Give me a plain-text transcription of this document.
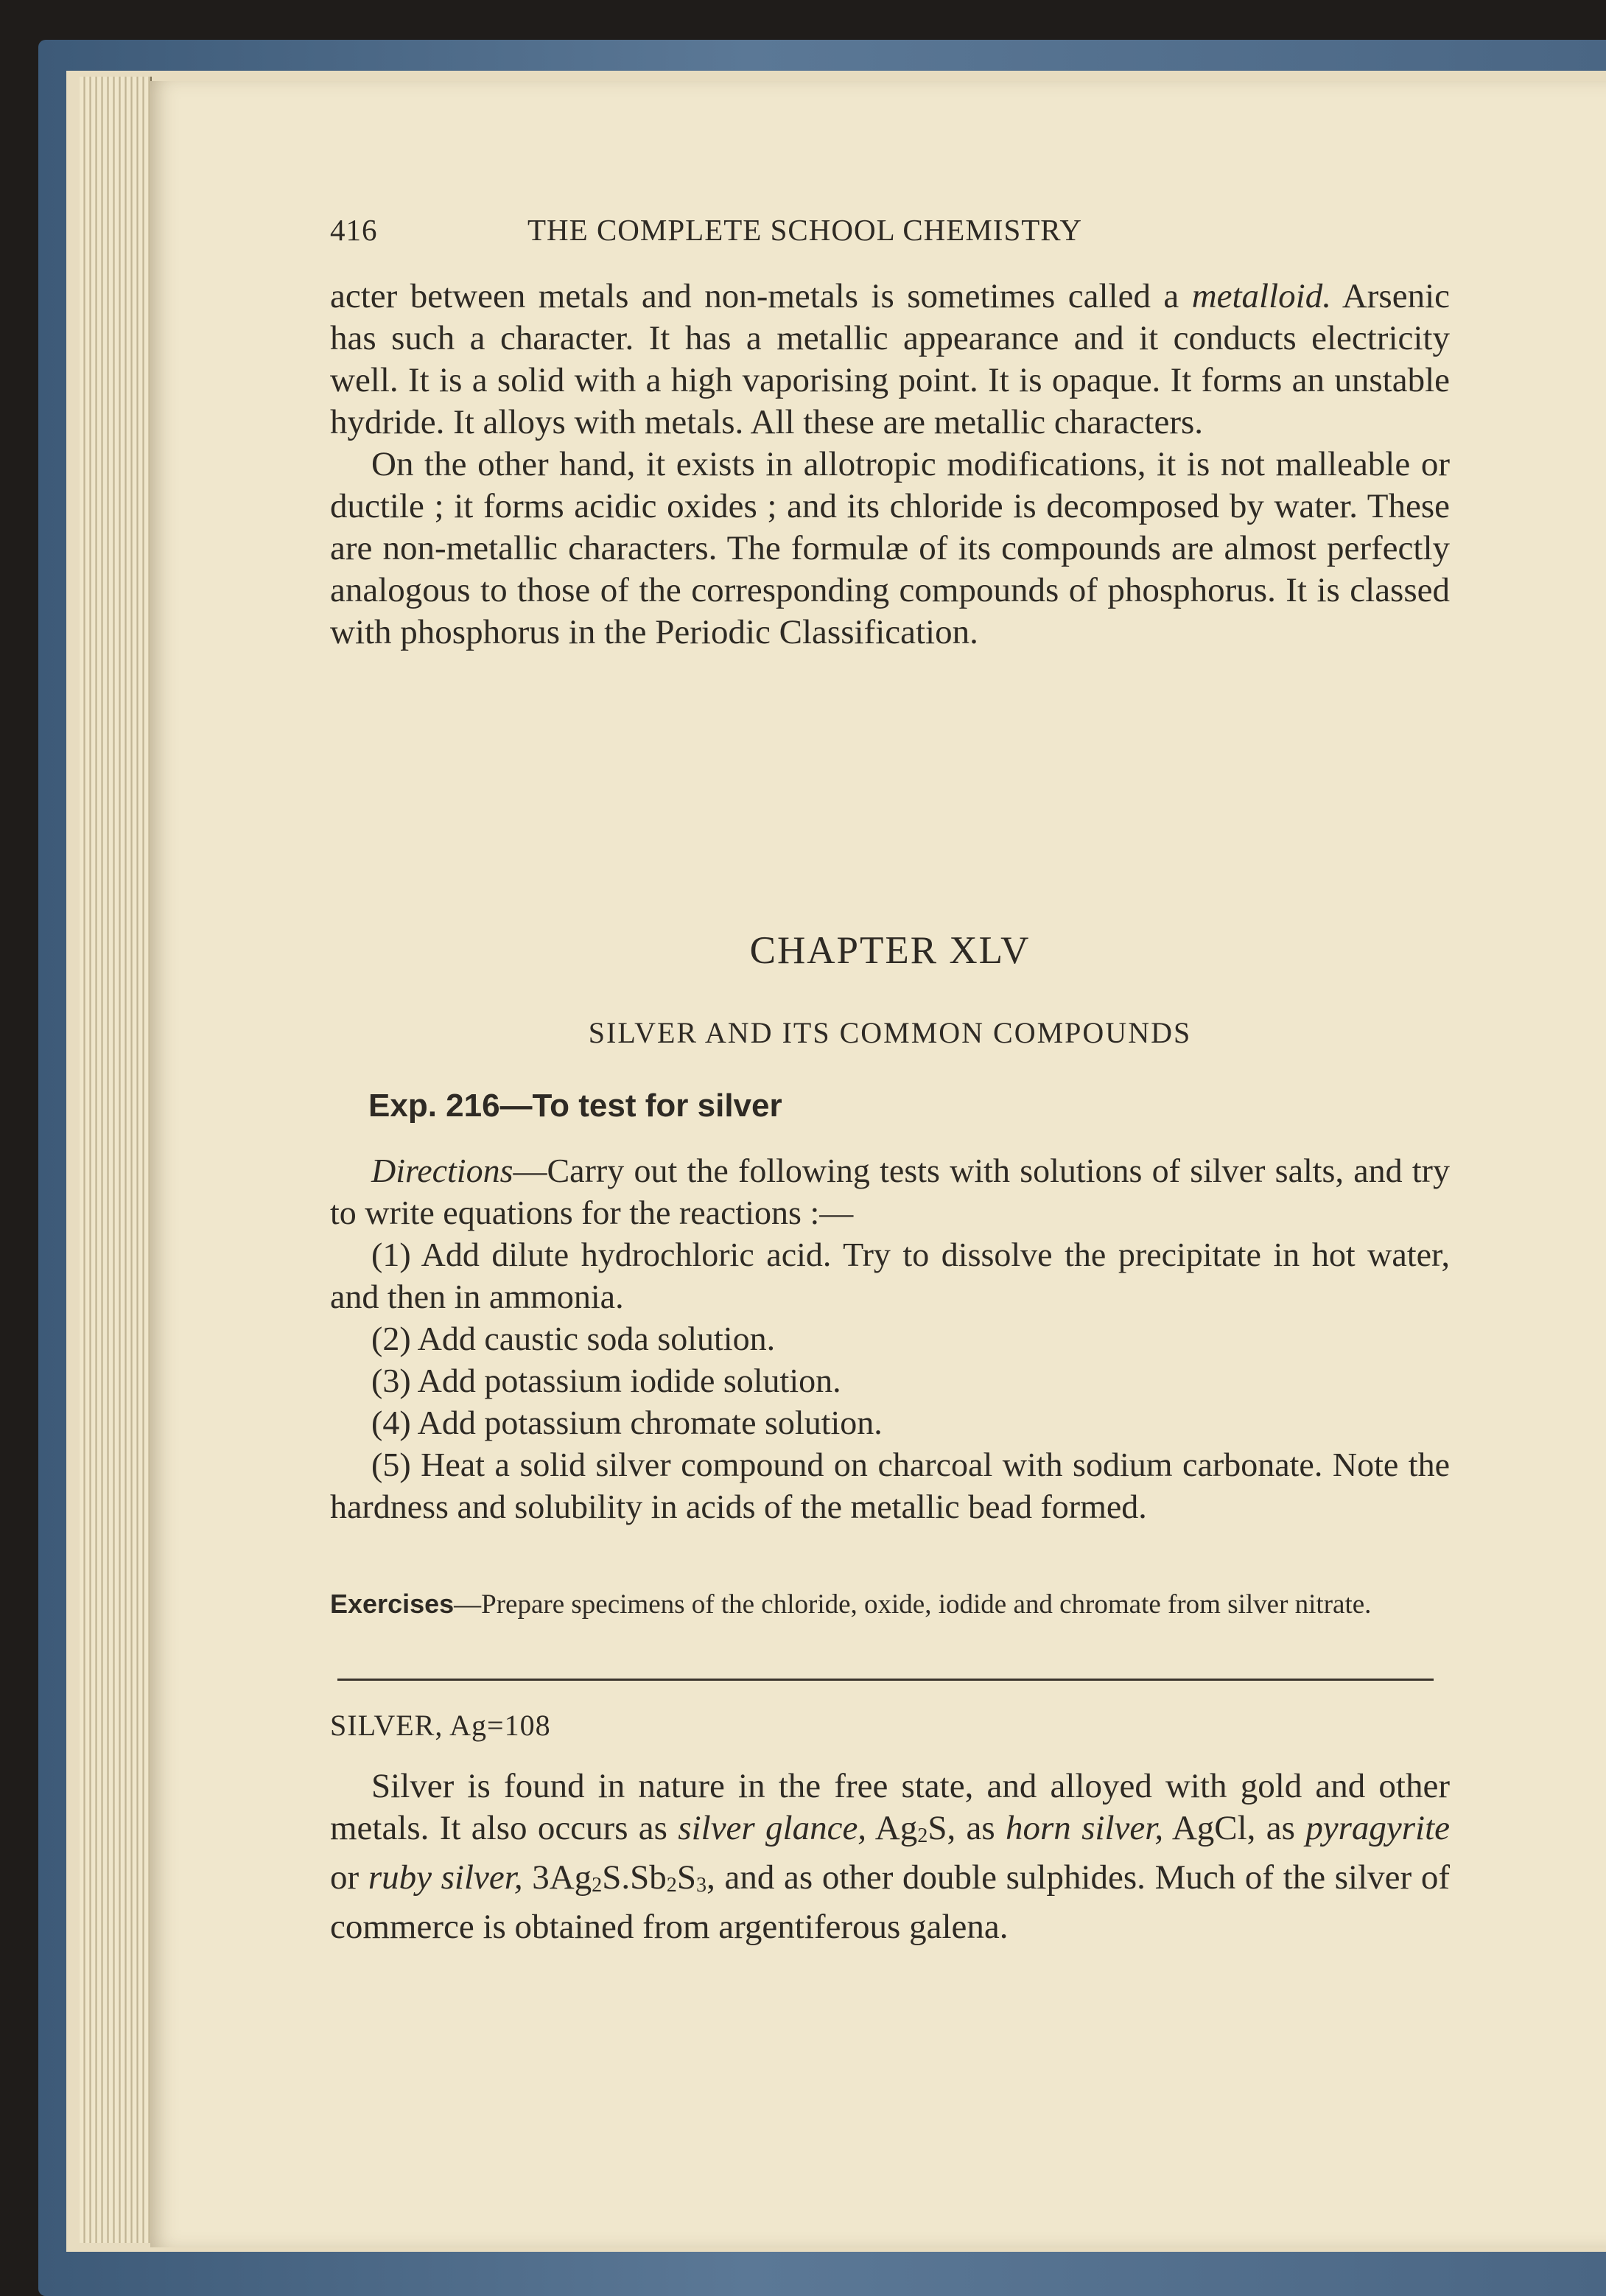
416	THE COMPLETE SCHOOL CHEMISTRY

acter between metals and non-metals is sometimes called a metalloid. Arsenic has such a character. It has a metallic appearance and it conducts electricity well. It is a solid with a high vaporising point. It is opaque. It forms an unstable hydride. It alloys with metals. All these are metallic characters.

On the other hand, it exists in allotropic modifications, it is not malleable or ductile ; it forms acidic oxides ; and its chloride is decomposed by water. These are non-metallic characters. The formulæ of its compounds are almost perfectly analogous to those of the corresponding compounds of phosphorus. It is classed with phosphorus in the Periodic Classification.

CHAPTER XLV
SILVER AND ITS COMMON COMPOUNDS
Exp. 216—To test for silver

Directions—Carry out the following tests with solutions of silver salts, and try to write equations for the reactions :—

(1) Add dilute hydrochloric acid. Try to dissolve the precipitate in hot water, and then in ammonia.

(2) Add caustic soda solution.

(3) Add potassium iodide solution.

(4) Add potassium chromate solution.

(5) Heat a solid silver compound on charcoal with sodium carbonate. Note the hardness and solubility in acids of the metallic bead formed.

Exercises—Prepare specimens of the chloride, oxide, iodide and chromate from silver nitrate.
SILVER, Ag=108

Silver is found in nature in the free state, and alloyed with gold and other metals. It also occurs as silver glance, $Ag_2S$, as horn silver, AgCl, as pyragyrite or ruby silver, $3Ag_2S.Sb_2S_3$, and as other double sulphides. Much of the silver of commerce is obtained from argentiferous galena.
